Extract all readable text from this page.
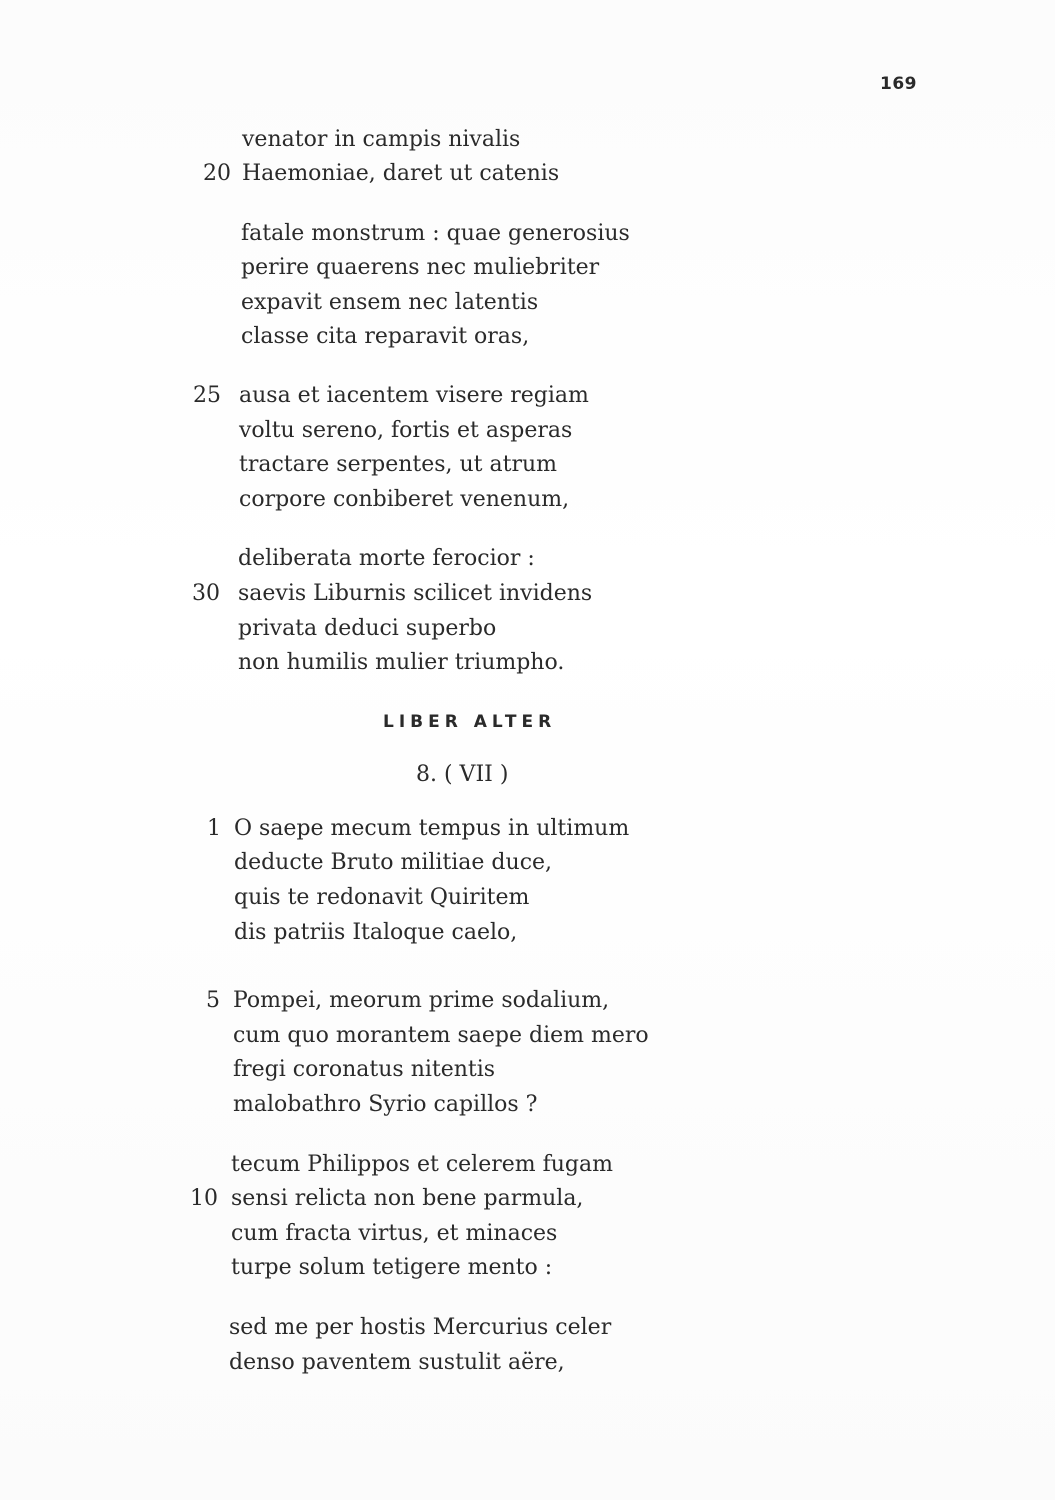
169
venator in campis nivalis
20 Haemoniae, daret ut catenis
fatale monstrum : quae generosius
perire quaerens nec muliebriter
expavit ensem nec latentis
classe cita reparavit oras,
25 ausa et iacentem visere regiam
voltu sereno, fortis et asperas
tractare serpentes, ut atrum
corpore conbiberet venenum,
deliberata morte ferocior :
30 saevis Liburnis scilicet invidens
privata deduci superbo
non humilis mulier triumpho.
LIBER ALTER
8. ( VII )
1 O saepe mecum tempus in ultimum
deducte Bruto militiae duce,
quis te redonavit Quiritem
dis patriis Italoque caelo,
5 Pompei, meorum prime sodalium,
cum quo morantem saepe diem mero
fregi coronatus nitentis
malobathro Syrio capillos ?
tecum Philippos et celerem fugam
10 sensi relicta non bene parmula,
cum fracta virtus, et minaces
turpe solum tetigere mento :
sed me per hostis Mercurius celer
denso paventem sustulit aëre,
